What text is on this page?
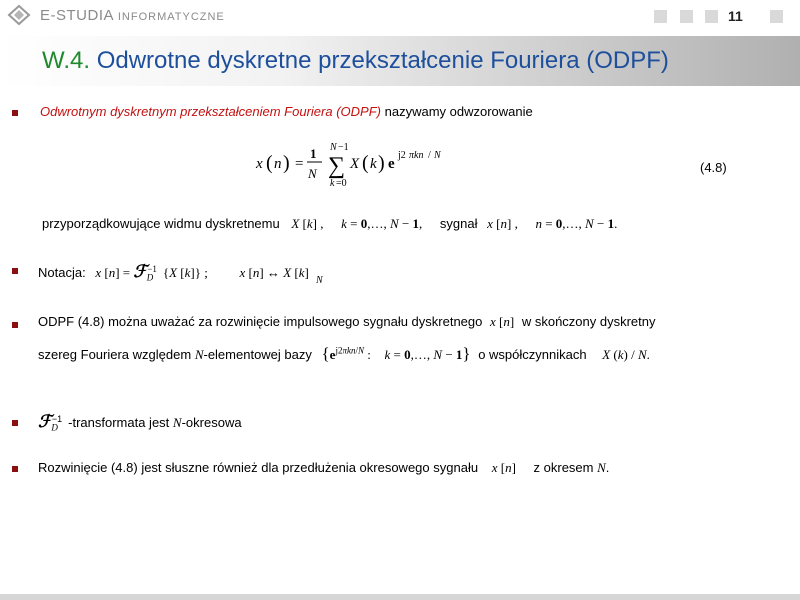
E-STUDIA INFORMATYCZNE	11
W.4. Odwrotne dyskretne przekształcenie Fouriera (ODPF)
Odwrotnym dyskretnym przekształceniem Fouriera (ODPF) nazywamy odwzorowanie
x ( n ) =
1
N
N −1
∑
k =0
X ( k ) e
j2 πkn / N
(4.8)
przyporządkowujące widmu dyskretnemu X [k] , k = 0,…, N − 1, sygnał x [n] , n = 0,…, N − 1.
Notacja: x [n] = ℱ$_D^{-1}$ {X [k]} ; x [n] ↔ X [k]
N
ODPF (4.8) można uważać za rozwinięcie impulsowego sygnału dyskretnego x [n] w skończony dyskretny
szereg Fouriera względem N-elementowej bazy {$e^{j2\pi kn/N}$ : k = 0,…, N − 1} o współczynnikach X (k) / N.
ℱ$_D^{-1}$ -transformata jest N-okresowa
Rozwinięcie (4.8) jest słuszne również dla przedłużenia okresowego sygnału x [n] z okresem N.
